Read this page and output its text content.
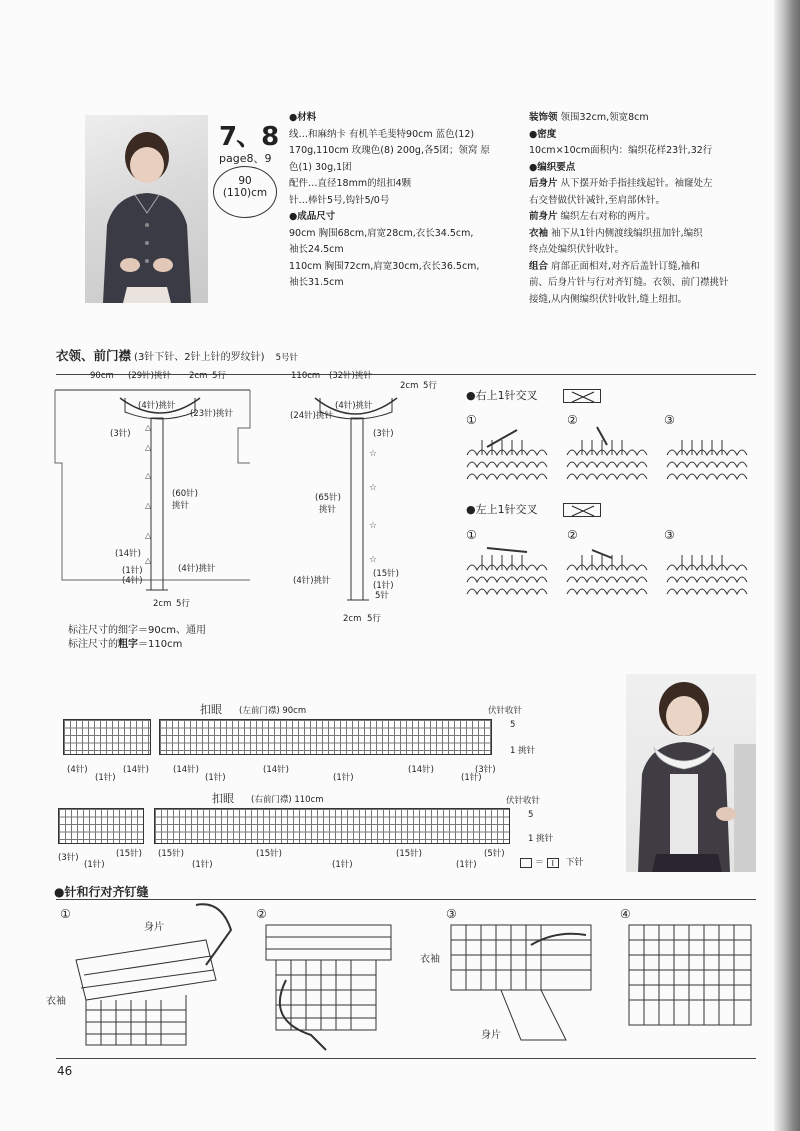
7、8
page8、9
90
(110)cm

●材料

线…和麻纳卡 有机羊毛斐特90cm 蓝色(12)

170g,110cm 玫瑰色(8) 200g,各5团；领窝 原

色(1) 30g,1团

配件…直径18mm的纽扣4颗

针…棒针5号,钩针5/0号

●成品尺寸

90cm 胸围68cm,肩宽28cm,衣长34.5cm,

袖长24.5cm

110cm 胸围72cm,肩宽30cm,衣长36.5cm,

袖长31.5cm

装饰领 领围32cm,领宽8cm

●密度

10cm×10cm面积内：编织花样23针,32行

●编织要点

后身片 从下摆开始手指挂线起针。袖窿处左

右交替做伏针减针,至肩部休针。

前身片 编织左右对称的两片。

衣袖 袖下从1针内侧渡线编织扭加针,编织

终点处编织伏针收针。

组合 肩部正面相对,对齐后盖针订缝,袖和

前、后身片针与行对齐钉缝。衣领、前门襟挑针

接缝,从内侧编织伏针收针,缝上纽扣。

衣领、前门襟 (3针下针、2针上针的罗纹针) 5号针
△
△
△
△
△
△
90cm (29针)挑针 2cm 5行
(4针)挑针
(23针)挑针
(3针)
(60针)
挑针
(14针)
(1针)
(4针)
(4针)挑针
2cm 5行
☆
☆
☆
☆
110cm (32针)挑针
2cm 5行
(4针)挑针
(24针)挑针
(3针)
(65针)
挑针
(15针)
(1针)
5针
(4针)挑针
2cm 5行
标注尺寸的细字＝90cm、通用
标注尺寸的粗字＝110cm
●右上1针交叉
①	②	③
●左上1针交叉
①	②	③
扣眼 (左前门襟) 90cm	伏针收针
5
1 挑针
(4针)
(1针)
(14针)	(14针)
(1针)
(14针)
(1针)
(14针)
(1针)
(3针)
扣眼 (右前门襟) 110cm	伏针收针
5
1 挑针
(3针)
(1针)
(15针) (15针)
(1针)
(15针)
(1针)
(15针)
(1针)
(5针)
＝ I 下针
●针和行对齐钉缝
①	②	③	④
身片
衣袖
衣袖
身片
46
